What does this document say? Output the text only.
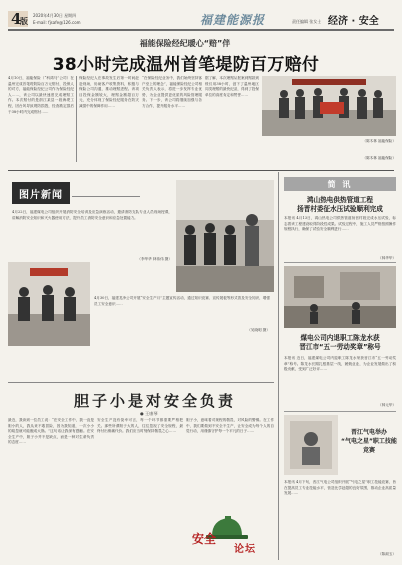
4
版
2020年4月30日 星期四
E-mail: fjsafe@126.com	福建能源报	责任编辑 张女士 经济 · 安全
福能保险经纪暖心“赔”伴
38小时完成温州首笔堤防百万赔付
4月10日，福能保险（“科鸿马”公司）在温州完成首笔堤防险百万元赔付，投保人的对方，福能保险经纪公司作为保险经纪人……，该公司以最快速度完成理赔工作。本次赔付的是浙江某县一段海堤工程，因台风导致堤防损毁，经查勘定损后于38小时内完成赔付……
保险经纪人在事故发生后第一时间赶赴现场，协助客户收集资料，积极与保险公司沟通，推动理赔进程。该项目投保金额较大，理赔金额超百万元，充分体现了保险经纪服务在防灾减损中的保障作用……
“在保险经纪业务中，我们始终坚持客户至上的理念”，福能保险经纪公司相关负责人表示，将进一步发挥专业优势，为企业提供更优质的风险管理服务。下一步，该公司将继续加强与各方合作，提升服务水平……
据了解，本次理赔从报案到赔款到账仅用38小时，创下了温州地区同类理赔的最快纪录，得到了投保单位的高度肯定和赞誉……
（陈木林 福能保险）
（陈木林 福能保险）
图片新闻
4月22日，福建煤电公司组织开展消防安全培训及应急演练活动，邀请消防支队专业人员现场授课，讲解消防安全知识和灭火器使用方法，提升员工消防安全意识和应急处置能力。
（李华华 林伟伟 摄）
4月30日，福建龙净公司开展“安全生产月”主题宣传活动，通过知识竞赛、宣传展板等形式普及安全知识，增强员工安全意识……
（吴晓明 摄）
简 讯
鸿山热电供热管道工程
扬晋村委征水压试验顺利完成
本报讯 4月13日，鸿山热电公司供热管道扬晋村段完成水压试验，标志着该工程建设取得阶段性成果。试验过程中，施工人员严格按照操作规程执行，确保了试验安全顺利进行……
（林华华）
煤电公司内退职工陈龙水获
晋江市“五一劳动奖章”称号
本报讯 近日，福建煤电公司内退职工陈龙水荣获晋江市“五一劳动奖章”称号。陈龙水长期扎根基层一线，兢兢业业，为企业发展做出了积极贡献，受到广泛好评……
（林元华）
晋江气电举办
“气电之星”职工技能竞赛
本报讯 4月下旬，晋江气电公司组织开展“气电之星”职工技能竞赛，旨在提高员工专业技能水平，营造比学赶超的良好氛围，推动企业高质量发展……
（陈淑玉）
胆子小是对安全负责
● 王康琴
最近，我读到一位员工说：“在安全工作中，我一直是胆小的人，我从来不敢冒险，因为我知道，一次小小的疏忽就可能酿成大祸。”这句话让我深有感触。在安全生产中，胆子小并不是缺点，而是一种对生命负责的态度……
安全生产没有侥幸可言，每一个环节都需要严格把关。那些所谓胆子大的人，往往忽视了安全规程，最终付出惨痛代价。我们应当时刻保持敬畏之心……
胆子小，意味着对规程的敬畏，对风险的警惕。在工作中，我们要做到不安全不生产，让安全成为每个人的自觉行动，用谨慎守护每一个平凡的日子……
安全
论坛
